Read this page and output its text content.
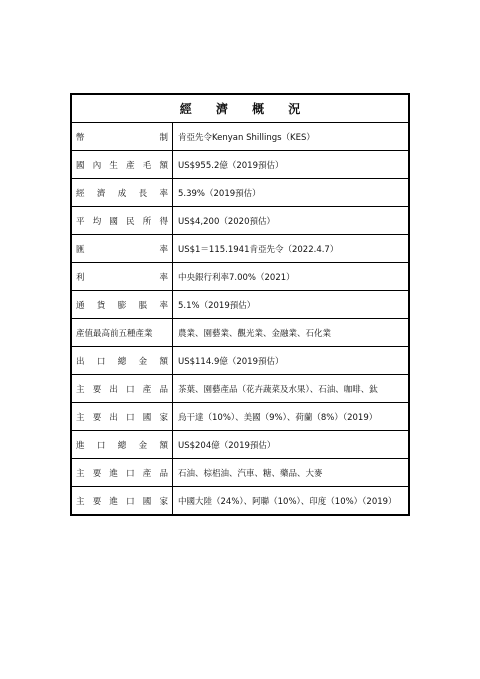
經 濟 概 況
幣	制	肯亞先令Kenyan Shillings（KES）
國 內 生 產 毛 額	US$955.2億（2019預估）
經 濟 成 長 率	5.39%（2019預估）
平 均 國 民 所 得	US$4,200（2020預估）
匯	率	US$1＝115.1941肯亞先令（2022.4.7）
利	率	中央銀行利率7.00%（2021）
通 貨 膨 脹 率	5.1%（2019預估）
產值最高前五種產業	農業、園藝業、觀光業、金融業、石化業
出 口 總 金 額	US$114.9億（2019預估）
主 要 出 口 產 品	茶葉、園藝產品（花卉蔬菜及水果）、石油、咖啡、鈦
主 要 出 口 國 家	烏干達（10%）、美國（9%）、荷蘭（8%）（2019）
進 口 總 金 額	US$204億（2019預估）
主 要 進 口 產 品	石油、棕梠油、汽車、糖、藥品、大麥
主 要 進 口 國 家	中國大陸（24%）、阿聯（10%）、印度（10%）（2019）
